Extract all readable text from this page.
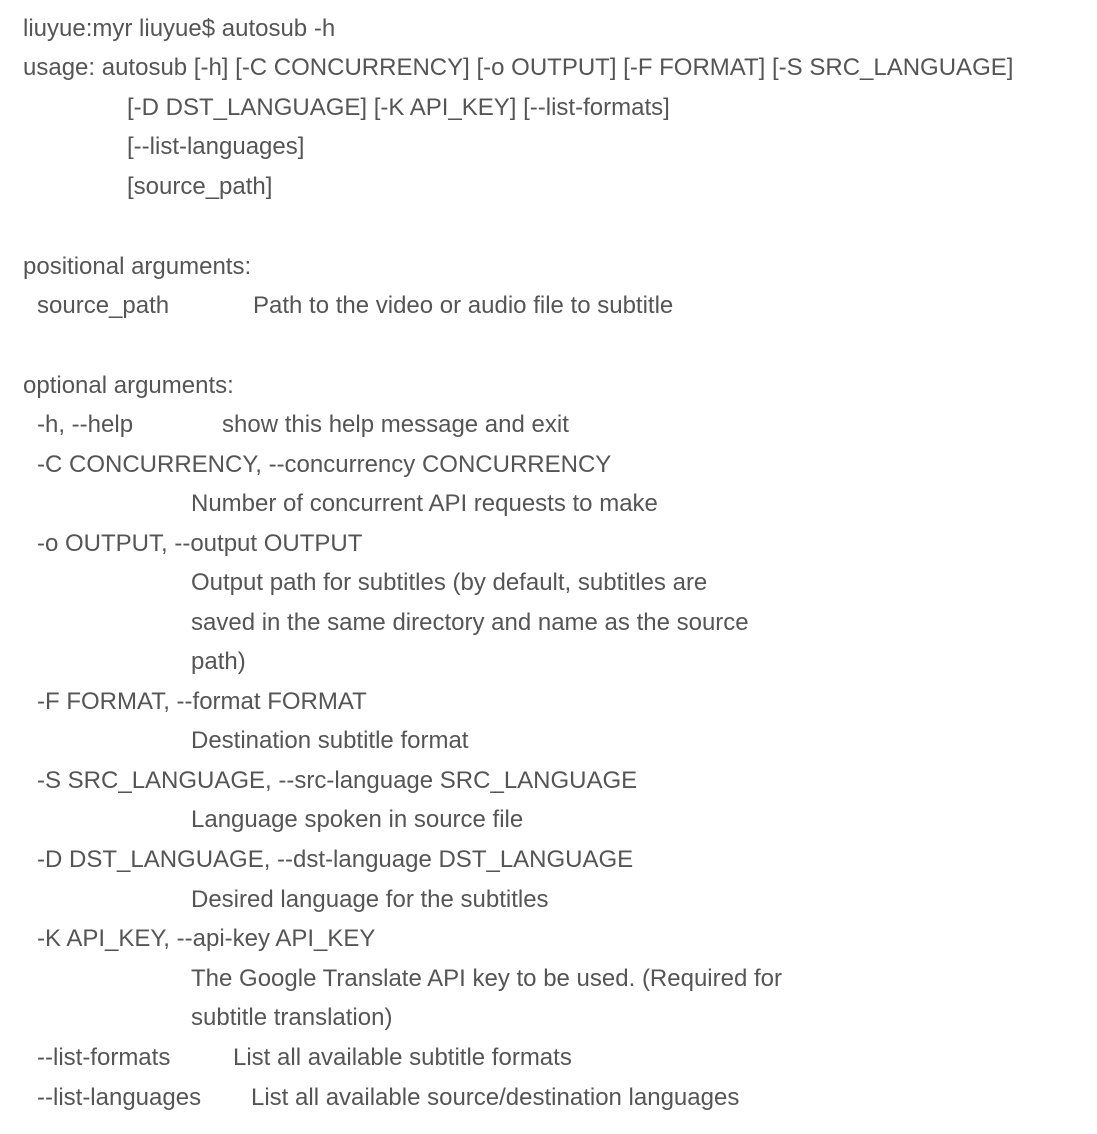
liuyue:myr liuyue$ autosub -h
usage: autosub [-h] [-C CONCURRENCY] [-o OUTPUT] [-F FORMAT] [-S SRC_LANGUAGE]
[-D DST_LANGUAGE] [-K API_KEY] [--list-formats]
[--list-languages]
[source_path]
positional arguments:
source_path	Path to the video or audio file to subtitle
optional arguments:
-h, --help	show this help message and exit
-C CONCURRENCY, --concurrency CONCURRENCY
Number of concurrent API requests to make
-o OUTPUT, --output OUTPUT
Output path for subtitles (by default, subtitles are
saved in the same directory and name as the source
path)
-F FORMAT, --format FORMAT
Destination subtitle format
-S SRC_LANGUAGE, --src-language SRC_LANGUAGE
Language spoken in source file
-D DST_LANGUAGE, --dst-language DST_LANGUAGE
Desired language for the subtitles
-K API_KEY, --api-key API_KEY
The Google Translate API key to be used. (Required for
subtitle translation)
--list-formats	List all available subtitle formats
--list-languages List all available source/destination languages
